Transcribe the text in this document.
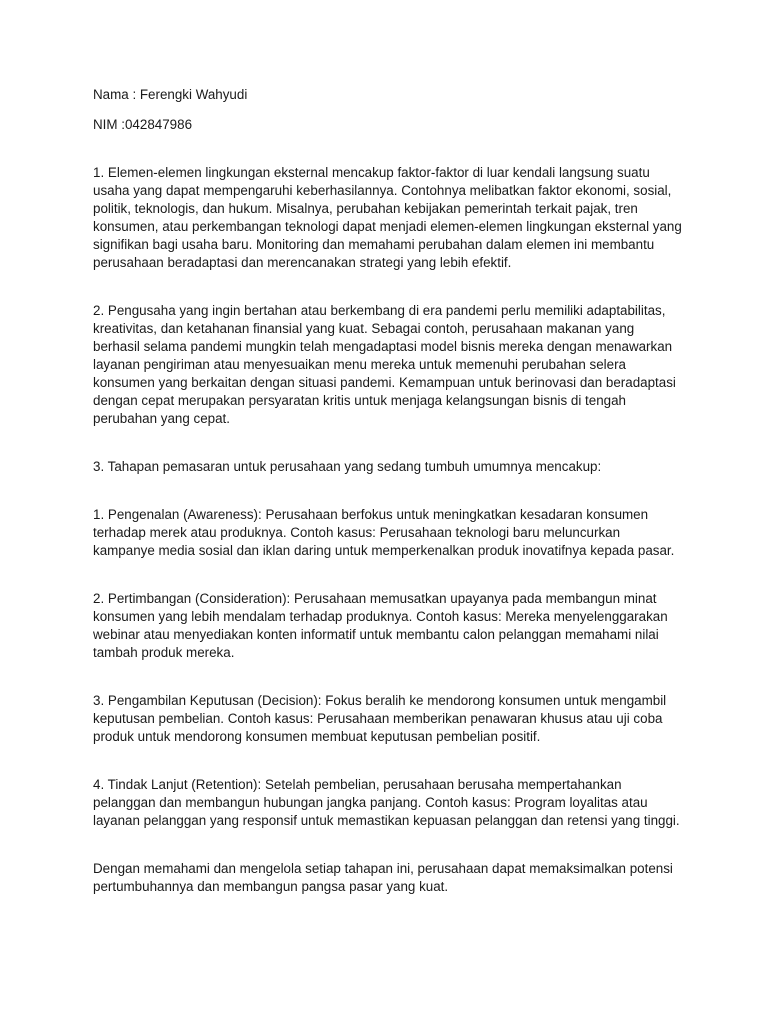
Nama : Ferengki Wahyudi

NIM :042847986

1. Elemen-elemen lingkungan eksternal mencakup faktor-faktor di luar kendali langsung suatu usaha yang dapat mempengaruhi keberhasilannya. Contohnya melibatkan faktor ekonomi, sosial, politik, teknologis, dan hukum. Misalnya, perubahan kebijakan pemerintah terkait pajak, tren konsumen, atau perkembangan teknologi dapat menjadi elemen-elemen lingkungan eksternal yang signifikan bagi usaha baru. Monitoring dan memahami perubahan dalam elemen ini membantu perusahaan beradaptasi dan merencanakan strategi yang lebih efektif.

2. Pengusaha yang ingin bertahan atau berkembang di era pandemi perlu memiliki adaptabilitas, kreativitas, dan ketahanan finansial yang kuat. Sebagai contoh, perusahaan makanan yang berhasil selama pandemi mungkin telah mengadaptasi model bisnis mereka dengan menawarkan layanan pengiriman atau menyesuaikan menu mereka untuk memenuhi perubahan selera konsumen yang berkaitan dengan situasi pandemi. Kemampuan untuk berinovasi dan beradaptasi dengan cepat merupakan persyaratan kritis untuk menjaga kelangsungan bisnis di tengah perubahan yang cepat.

3. Tahapan pemasaran untuk perusahaan yang sedang tumbuh umumnya mencakup:

1. Pengenalan (Awareness): Perusahaan berfokus untuk meningkatkan kesadaran konsumen terhadap merek atau produknya. Contoh kasus: Perusahaan teknologi baru meluncurkan kampanye media sosial dan iklan daring untuk memperkenalkan produk inovatifnya kepada pasar.

2. Pertimbangan (Consideration): Perusahaan memusatkan upayanya pada membangun minat konsumen yang lebih mendalam terhadap produknya. Contoh kasus: Mereka menyelenggarakan webinar atau menyediakan konten informatif untuk membantu calon pelanggan memahami nilai tambah produk mereka.

3. Pengambilan Keputusan (Decision): Fokus beralih ke mendorong konsumen untuk mengambil keputusan pembelian. Contoh kasus: Perusahaan memberikan penawaran khusus atau uji coba produk untuk mendorong konsumen membuat keputusan pembelian positif.

4. Tindak Lanjut (Retention): Setelah pembelian, perusahaan berusaha mempertahankan pelanggan dan membangun hubungan jangka panjang. Contoh kasus: Program loyalitas atau layanan pelanggan yang responsif untuk memastikan kepuasan pelanggan dan retensi yang tinggi.

Dengan memahami dan mengelola setiap tahapan ini, perusahaan dapat memaksimalkan potensi pertumbuhannya dan membangun pangsa pasar yang kuat.
